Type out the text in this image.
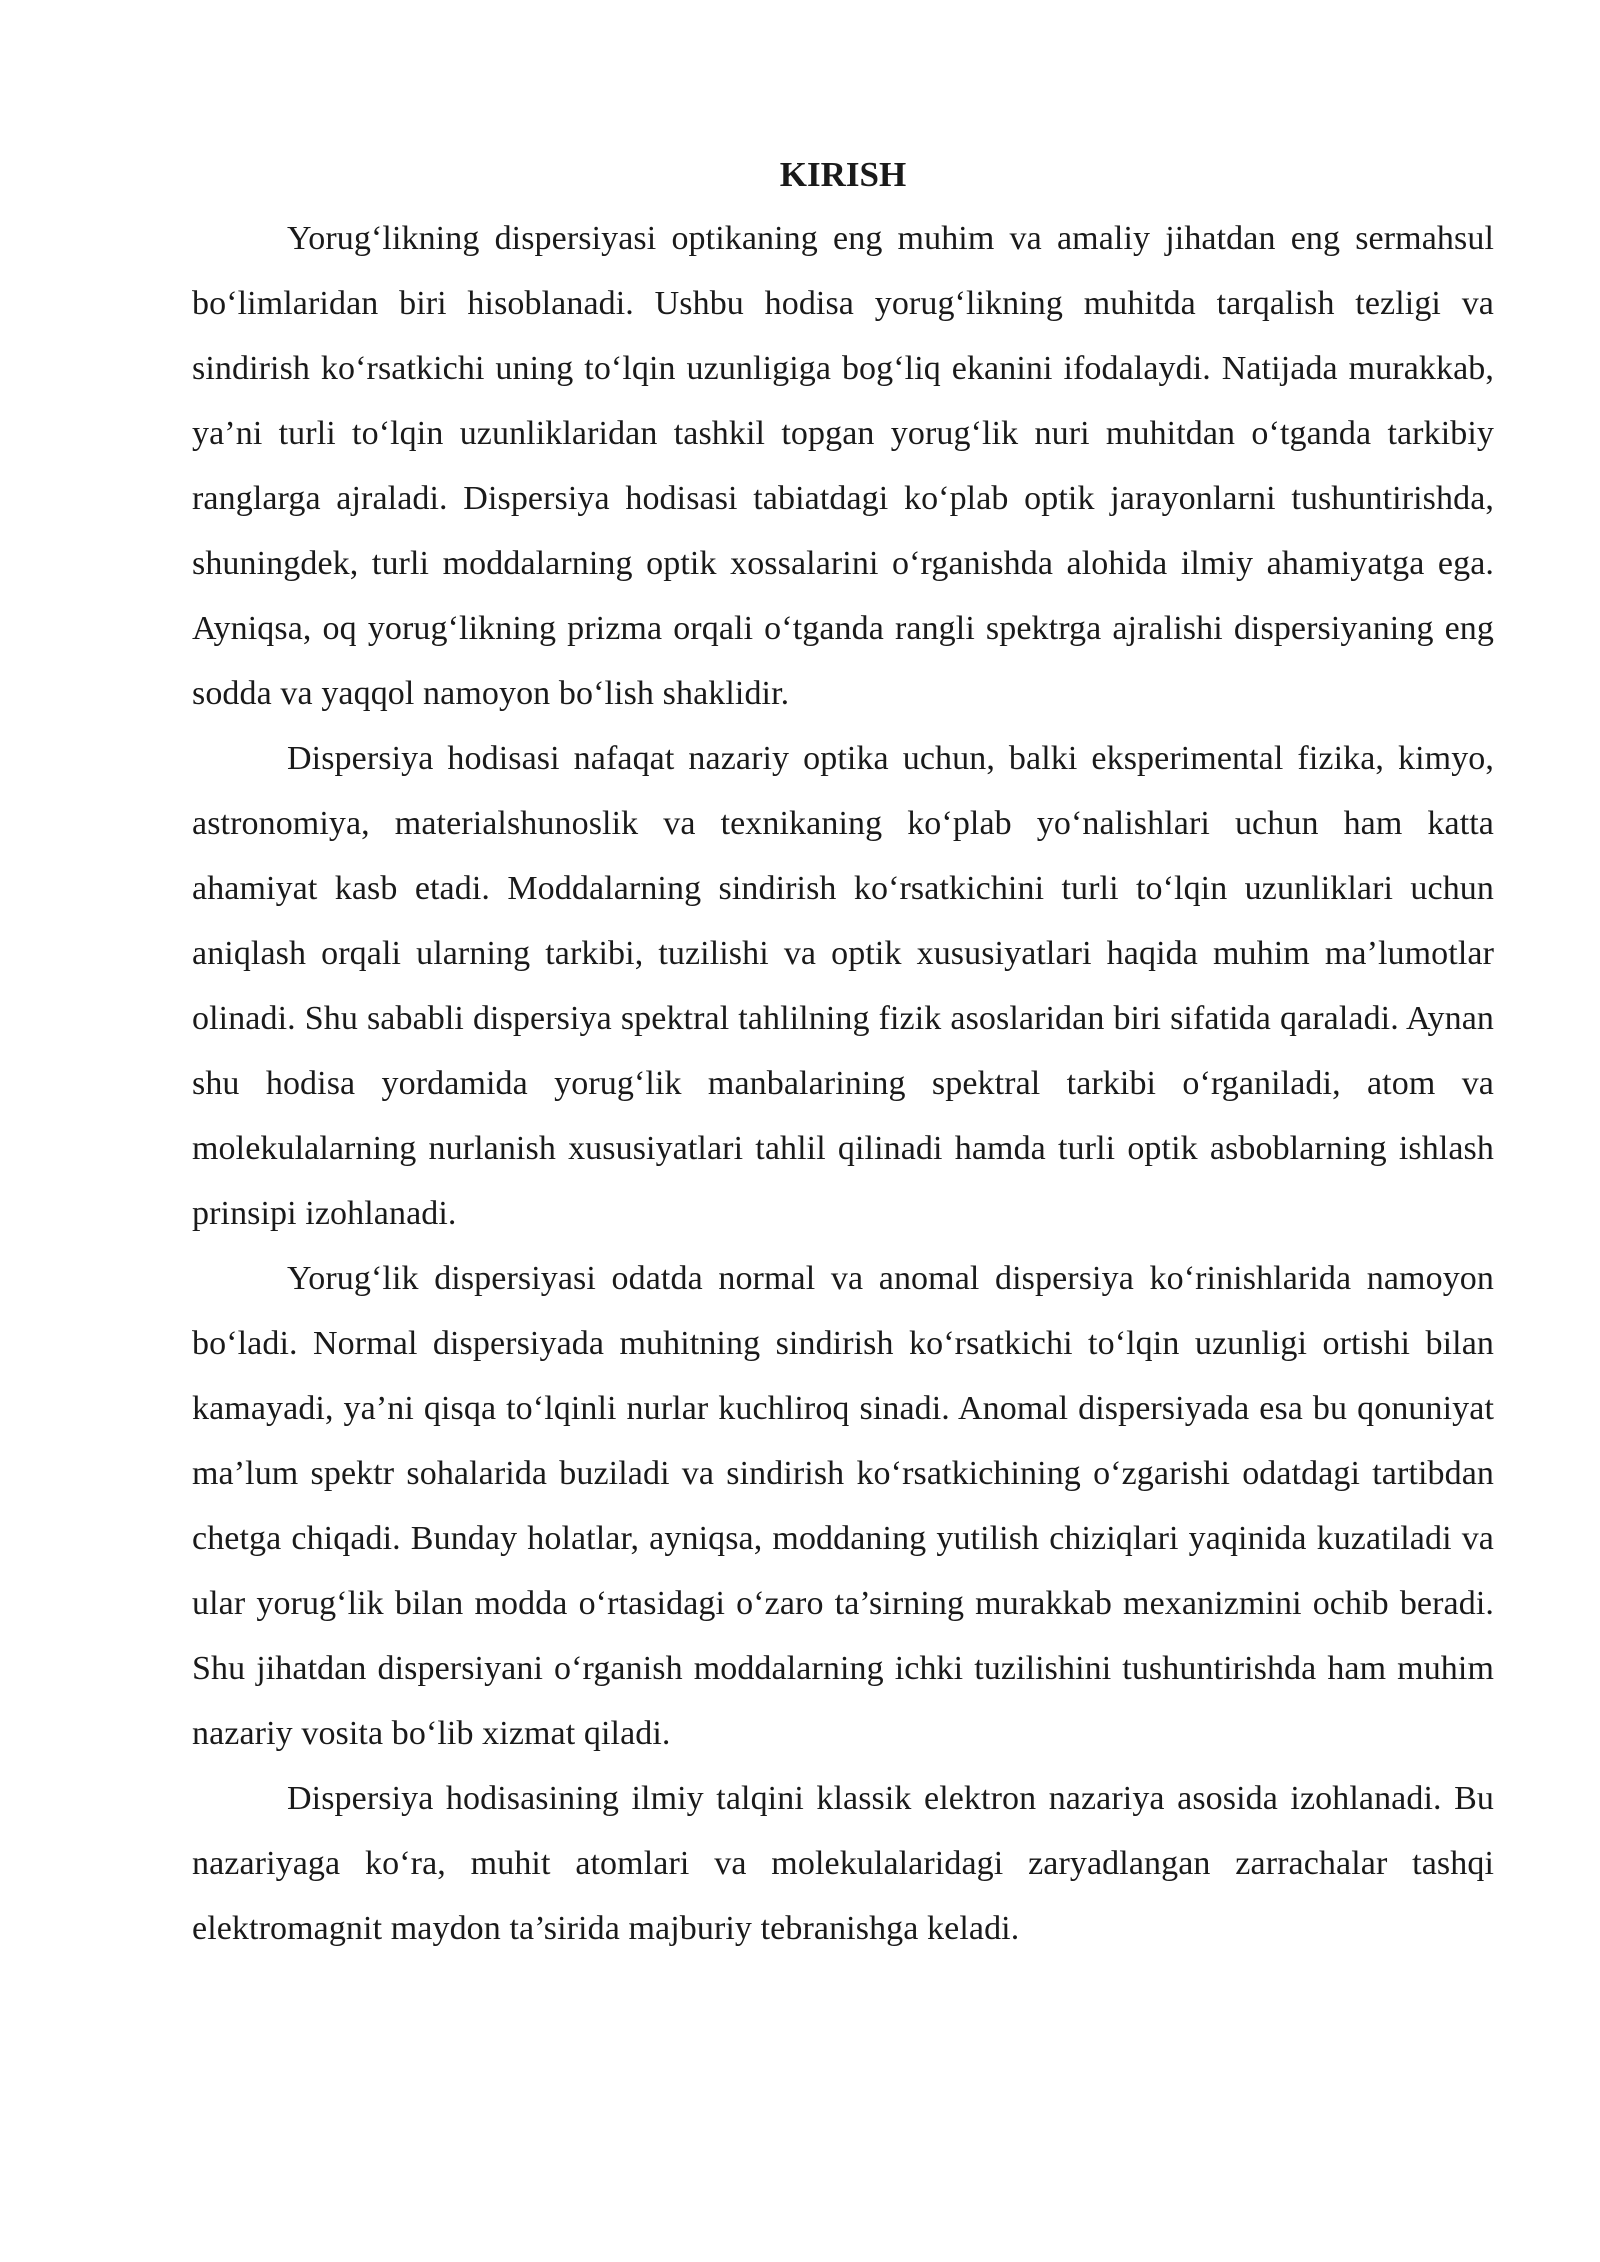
KIRISH

Yorug‘likning dispersiyasi optikaning eng muhim va amaliy jihatdan eng sermahsul bo‘limlaridan biri hisoblanadi. Ushbu hodisa yorug‘likning muhitda tarqalish tezligi va sindirish ko‘rsatkichi uning to‘lqin uzunligiga bog‘liq ekanini ifodalaydi. Natijada murakkab, ya’ni turli to‘lqin uzunliklaridan tashkil topgan yorug‘lik nuri muhitdan o‘tganda tarkibiy ranglarga ajraladi. Dispersiya hodisasi tabiatdagi ko‘plab optik jarayonlarni tushuntirishda, shuningdek, turli moddalarning optik xossalarini o‘rganishda alohida ilmiy ahamiyatga ega. Ayniqsa, oq yorug‘likning prizma orqali o‘tganda rangli spektrga ajralishi dispersiyaning eng sodda va yaqqol namoyon bo‘lish shaklidir.

Dispersiya hodisasi nafaqat nazariy optika uchun, balki eksperimental fizika, kimyo, astronomiya, materialshunoslik va texnikaning ko‘plab yo‘nalishlari uchun ham katta ahamiyat kasb etadi. Moddalarning sindirish ko‘rsatkichini turli to‘lqin uzunliklari uchun aniqlash orqali ularning tarkibi, tuzilishi va optik xususiyatlari haqida muhim ma’lumotlar olinadi. Shu sababli dispersiya spektral tahlilning fizik asoslaridan biri sifatida qaraladi. Aynan shu hodisa yordamida yorug‘lik manbalarining spektral tarkibi o‘rganiladi, atom va molekulalarning nurlanish xususiyatlari tahlil qilinadi hamda turli optik asboblarning ishlash prinsipi izohlanadi.

Yorug‘lik dispersiyasi odatda normal va anomal dispersiya ko‘rinishlarida namoyon bo‘ladi. Normal dispersiyada muhitning sindirish ko‘rsatkichi to‘lqin uzunligi ortishi bilan kamayadi, ya’ni qisqa to‘lqinli nurlar kuchliroq sinadi. Anomal dispersiyada esa bu qonuniyat ma’lum spektr sohalarida buziladi va sindirish ko‘rsatkichining o‘zgarishi odatdagi tartibdan chetga chiqadi. Bunday holatlar, ayniqsa, moddaning yutilish chiziqlari yaqinida kuzatiladi va ular yorug‘lik bilan modda o‘rtasidagi o‘zaro ta’sirning murakkab mexanizmini ochib beradi. Shu jihatdan dispersiyani o‘rganish moddalarning ichki tuzilishini tushuntirishda ham muhim nazariy vosita bo‘lib xizmat qiladi.

Dispersiya hodisasining ilmiy talqini klassik elektron nazariya asosida izohlanadi. Bu nazariyaga ko‘ra, muhit atomlari va molekulalaridagi zaryadlangan zarrachalar tashqi elektromagnit maydon ta’sirida majburiy tebranishga keladi.
